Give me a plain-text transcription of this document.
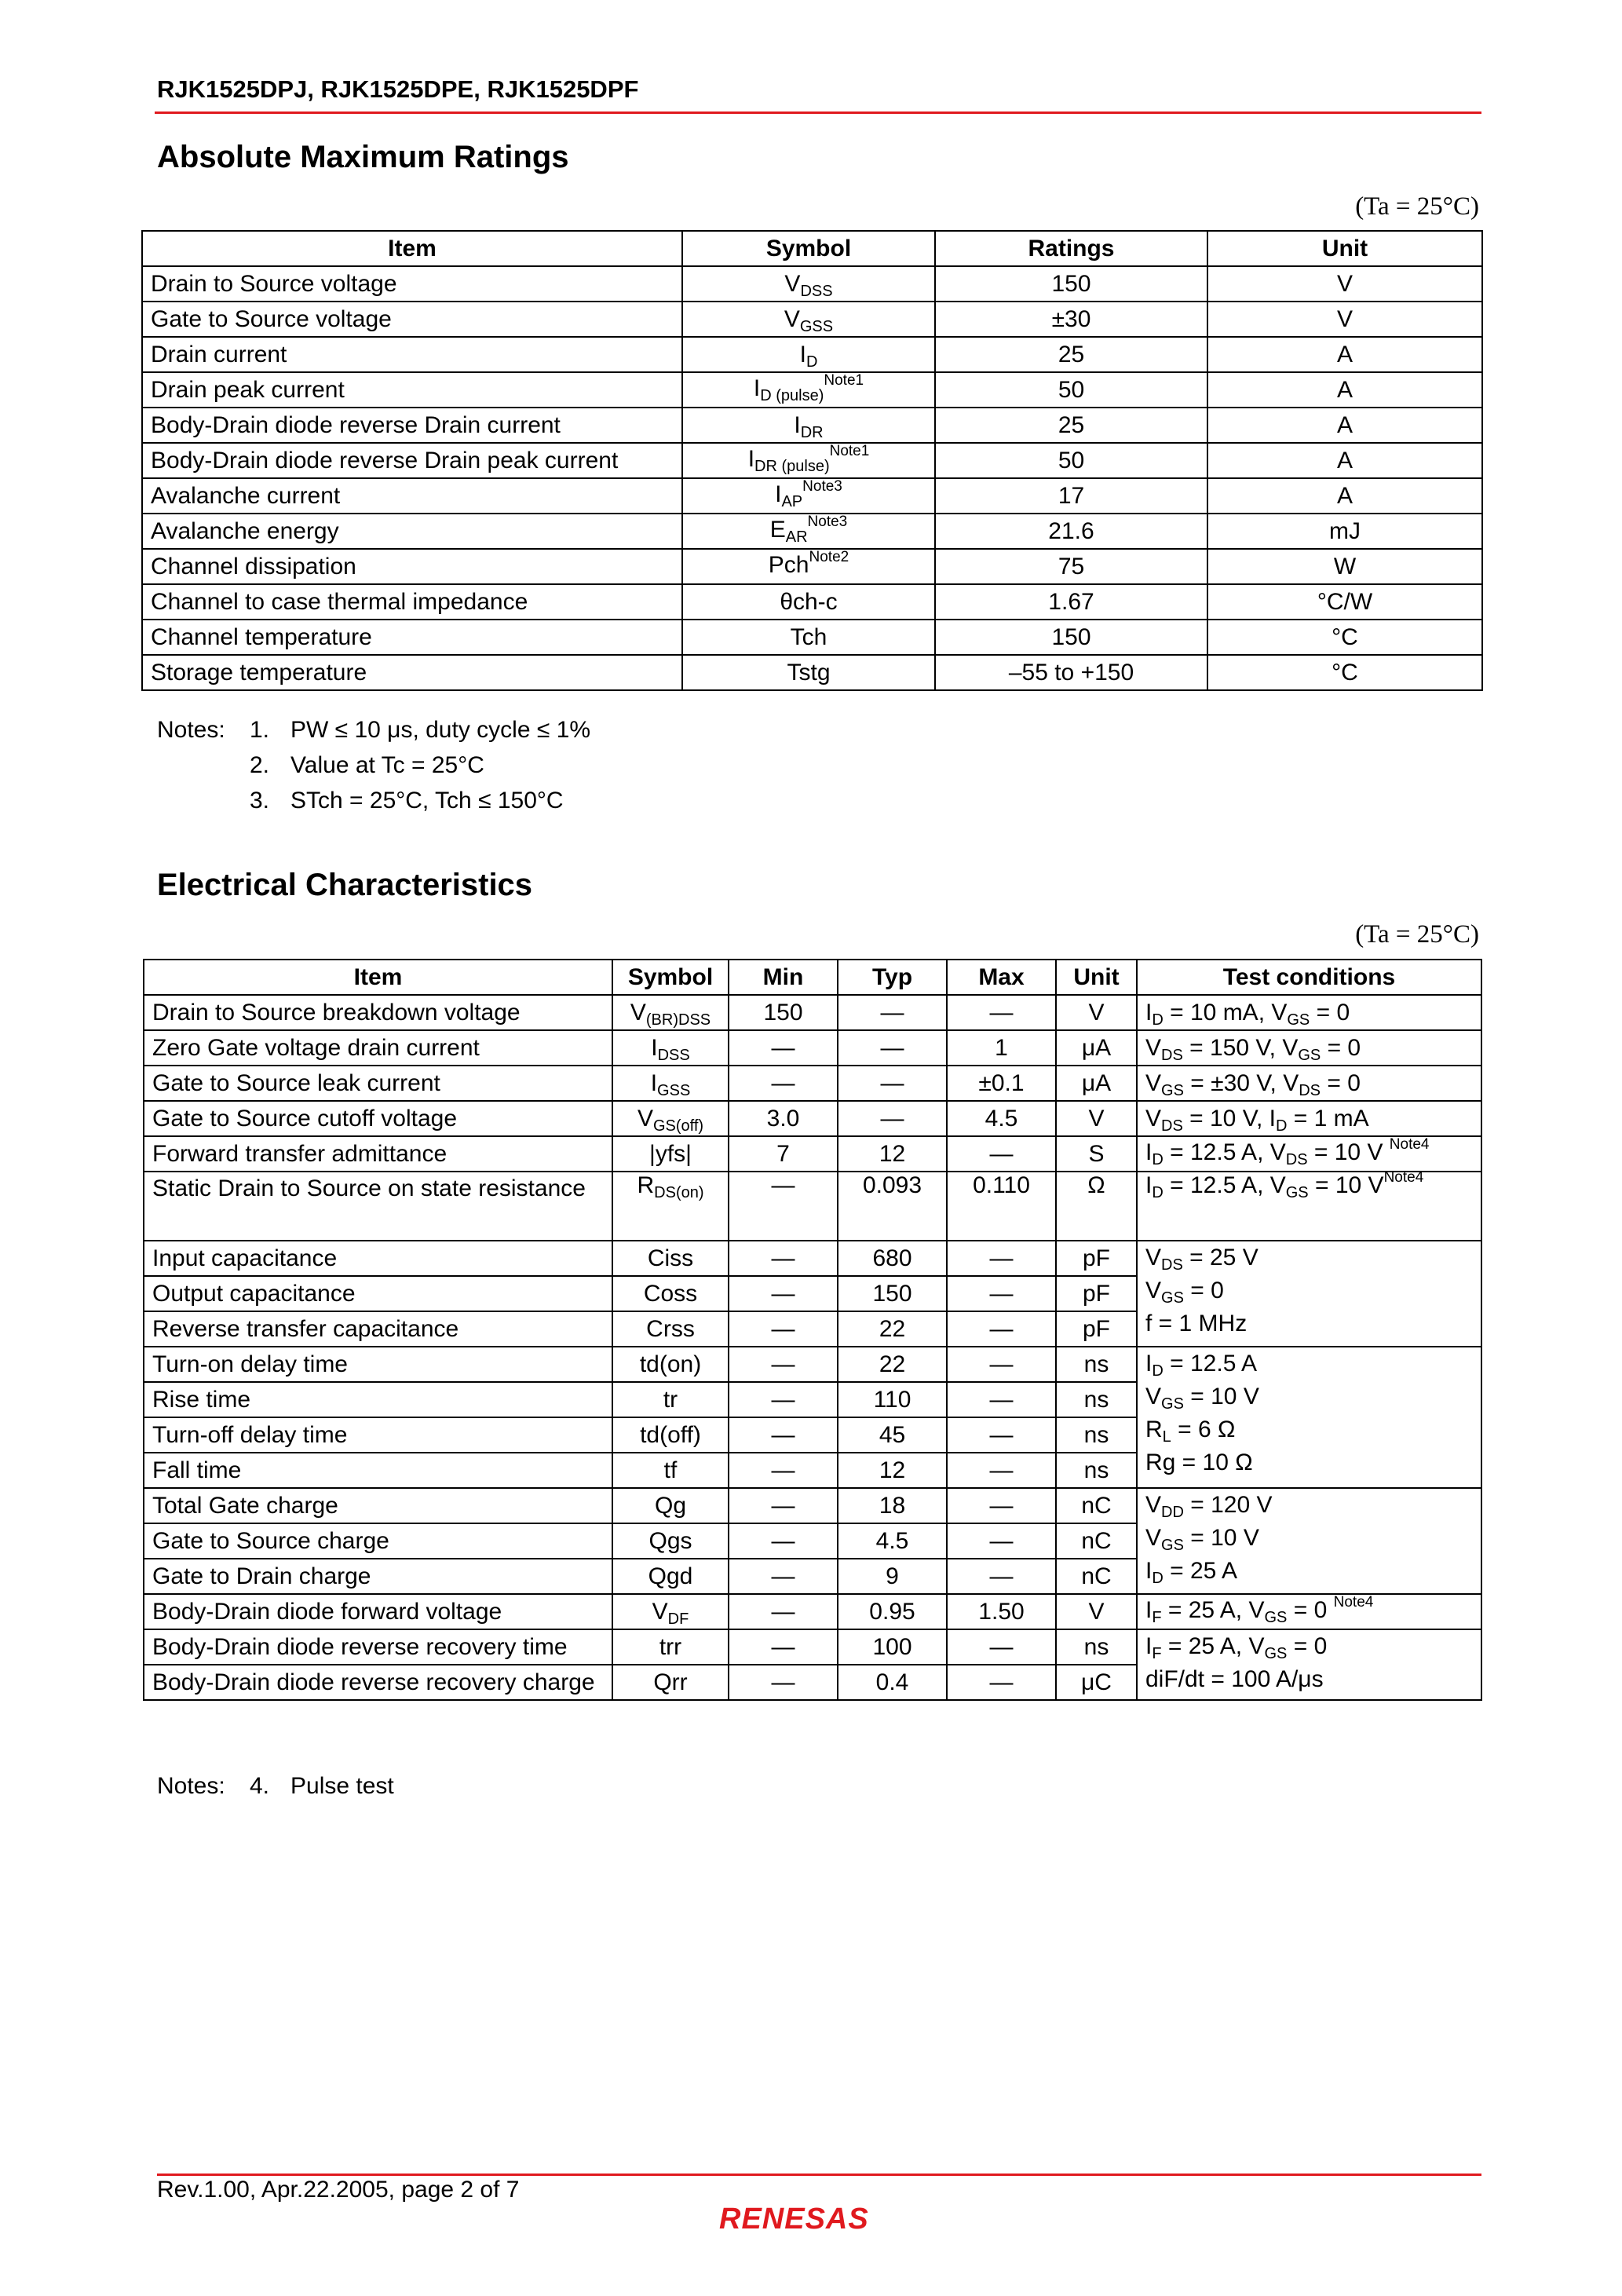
RJK1525DPJ, RJK1525DPE, RJK1525DPF
Absolute Maximum Ratings
(Ta = 25°C)
Item	Symbol	Ratings	Unit
Drain to Source voltage	$V_{DSS}$	150	V
Gate to Source voltage	$V_{GSS}$	±30	V
Drain current	$I_D$	25	A
Drain peak current	$I_{D (pulse)}^{Note1}$	50	A
Body-Drain diode reverse Drain current	$I_{DR}$	25	A
Body-Drain diode reverse Drain peak current	$I_{DR (pulse)}^{Note1}$	50	A
Avalanche current	$I_{AP}^{Note3}$	17	A
Avalanche energy	$E_{AR}^{Note3}$	21.6	mJ
Channel dissipation	Pch$^{Note2}$	75	W
Channel to case thermal impedance	θch-c	1.67	°C/W
Channel temperature	Tch	150	°C
Storage temperature	Tstg	–55 to +150	°C
Notes: 1. PW ≤ 10 μs, duty cycle ≤ 1%
2. Value at Tc = 25°C
3. STch = 25°C, Tch ≤ 150°C
Electrical Characteristics
(Ta = 25°C)
Item	Symbol	Min	Typ	Max	Unit	Test conditions
Drain to Source breakdown voltage	$V_{(BR)DSS}$	150	—	—	V	$I_D = 10$ mA, $V_{GS} = 0$
Zero Gate voltage drain current	$I_{DSS}$	—	—	1	μA	$V_{DS} = 150$ V, $V_{GS} = 0$
Gate to Source leak current	$I_{GSS}$	—	—	±0.1	μA	$V_{GS} = \pm 30$ V, $V_{DS} = 0$
Gate to Source cutoff voltage	$V_{GS(off)}$	3.0	—	4.5	V	$V_{DS} = 10$ V, $I_D = 1$ mA
Forward transfer admittance	|yfs|	7	12	—	S	$I_D = 12.5$ A, $V_{DS} = 10$ V $^{Note4}$
Static Drain to Source on state resistance	$R_{DS(on)}$	—	0.093	0.110	Ω	$I_D = 12.5$ A, $V_{GS} = 10$ V$^{Note4}$
Input capacitance	Ciss	—	680	—	pF	$V_{DS} = 25$ V
$V_{GS} = 0$
f = 1 MHz
Output capacitance	Coss	—	150	—	pF	
Reverse transfer capacitance	Crss	—	22	—	pF	
Turn-on delay time	td(on)	—	22	—	ns	$I_D = 12.5$ A
$V_{GS} = 10$ V
$R_L = 6$ Ω
Rg = 10 Ω
Rise time	tr	—	110	—	ns	
Turn-off delay time	td(off)	—	45	—	ns	
Fall time	tf	—	12	—	ns	
Total Gate charge	Qg	—	18	—	nC	$V_{DD} = 120$ V
$V_{GS} = 10$ V
$I_D = 25$ A
Gate to Source charge	Qgs	—	4.5	—	nC	
Gate to Drain charge	Qgd	—	9	—	nC	
Body-Drain diode forward voltage	$V_{DF}$	—	0.95	1.50	V	$I_F = 25$ A, $V_{GS} = 0$ $^{Note4}$
Body-Drain diode reverse recovery time	trr	—	100	—	ns	$I_F = 25$ A, $V_{GS} = 0$
diF/dt = 100 A/μs
Body-Drain diode reverse recovery charge	Qrr	—	0.4	—	μC	
Notes: 4. Pulse test
Rev.1.00, Apr.22.2005, page 2 of 7
RENESAS
